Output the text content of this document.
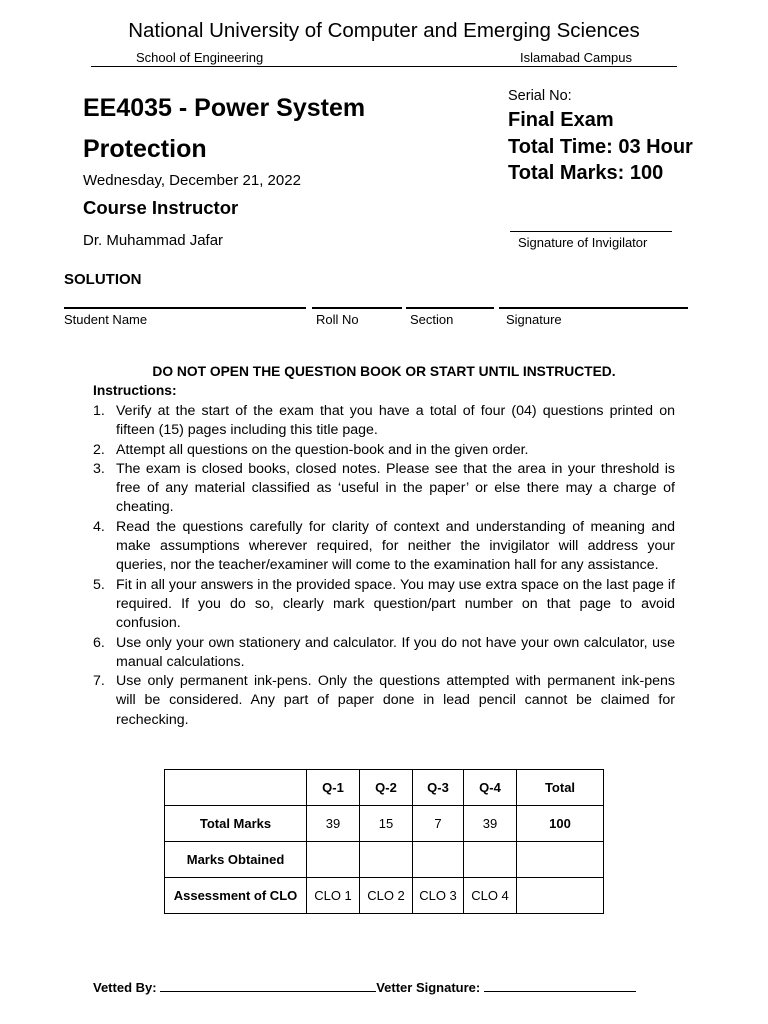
National University of Computer and Emerging Sciences
School of Engineering	Islamabad Campus
EE4035 - Power System Protection
Wednesday, December 21, 2022
Course Instructor
Dr. Muhammad Jafar
Serial No:
Final Exam
Total Time: 03 Hour
Total Marks: 100
Signature of Invigilator
SOLUTION
Student Name	Roll No	Section	Signature
DO NOT OPEN THE QUESTION BOOK OR START UNTIL INSTRUCTED.
Instructions:
1. Verify at the start of the exam that you have a total of four (04) questions printed on fifteen (15) pages including this title page.
2. Attempt all questions on the question-book and in the given order.
3. The exam is closed books, closed notes. Please see that the area in your threshold is free of any material classified as ‘useful in the paper’ or else there may a charge of cheating.
4. Read the questions carefully for clarity of context and understanding of meaning and make assumptions wherever required, for neither the invigilator will address your queries, nor the teacher/examiner will come to the examination hall for any assistance.
5. Fit in all your answers in the provided space. You may use extra space on the last page if required. If you do so, clearly mark question/part number on that page to avoid confusion.
6. Use only your own stationery and calculator. If you do not have your own calculator, use manual calculations.
7. Use only permanent ink-pens. Only the questions attempted with permanent ink-pens will be considered. Any part of paper done in lead pencil cannot be claimed for rechecking.
	Q-1	Q-2	Q-3	Q-4	Total
Total Marks	39	15	7	39	100
Marks Obtained					
Assessment of CLO	CLO 1	CLO 2	CLO 3	CLO 4	
Vetted By:	Vetter Signature:
